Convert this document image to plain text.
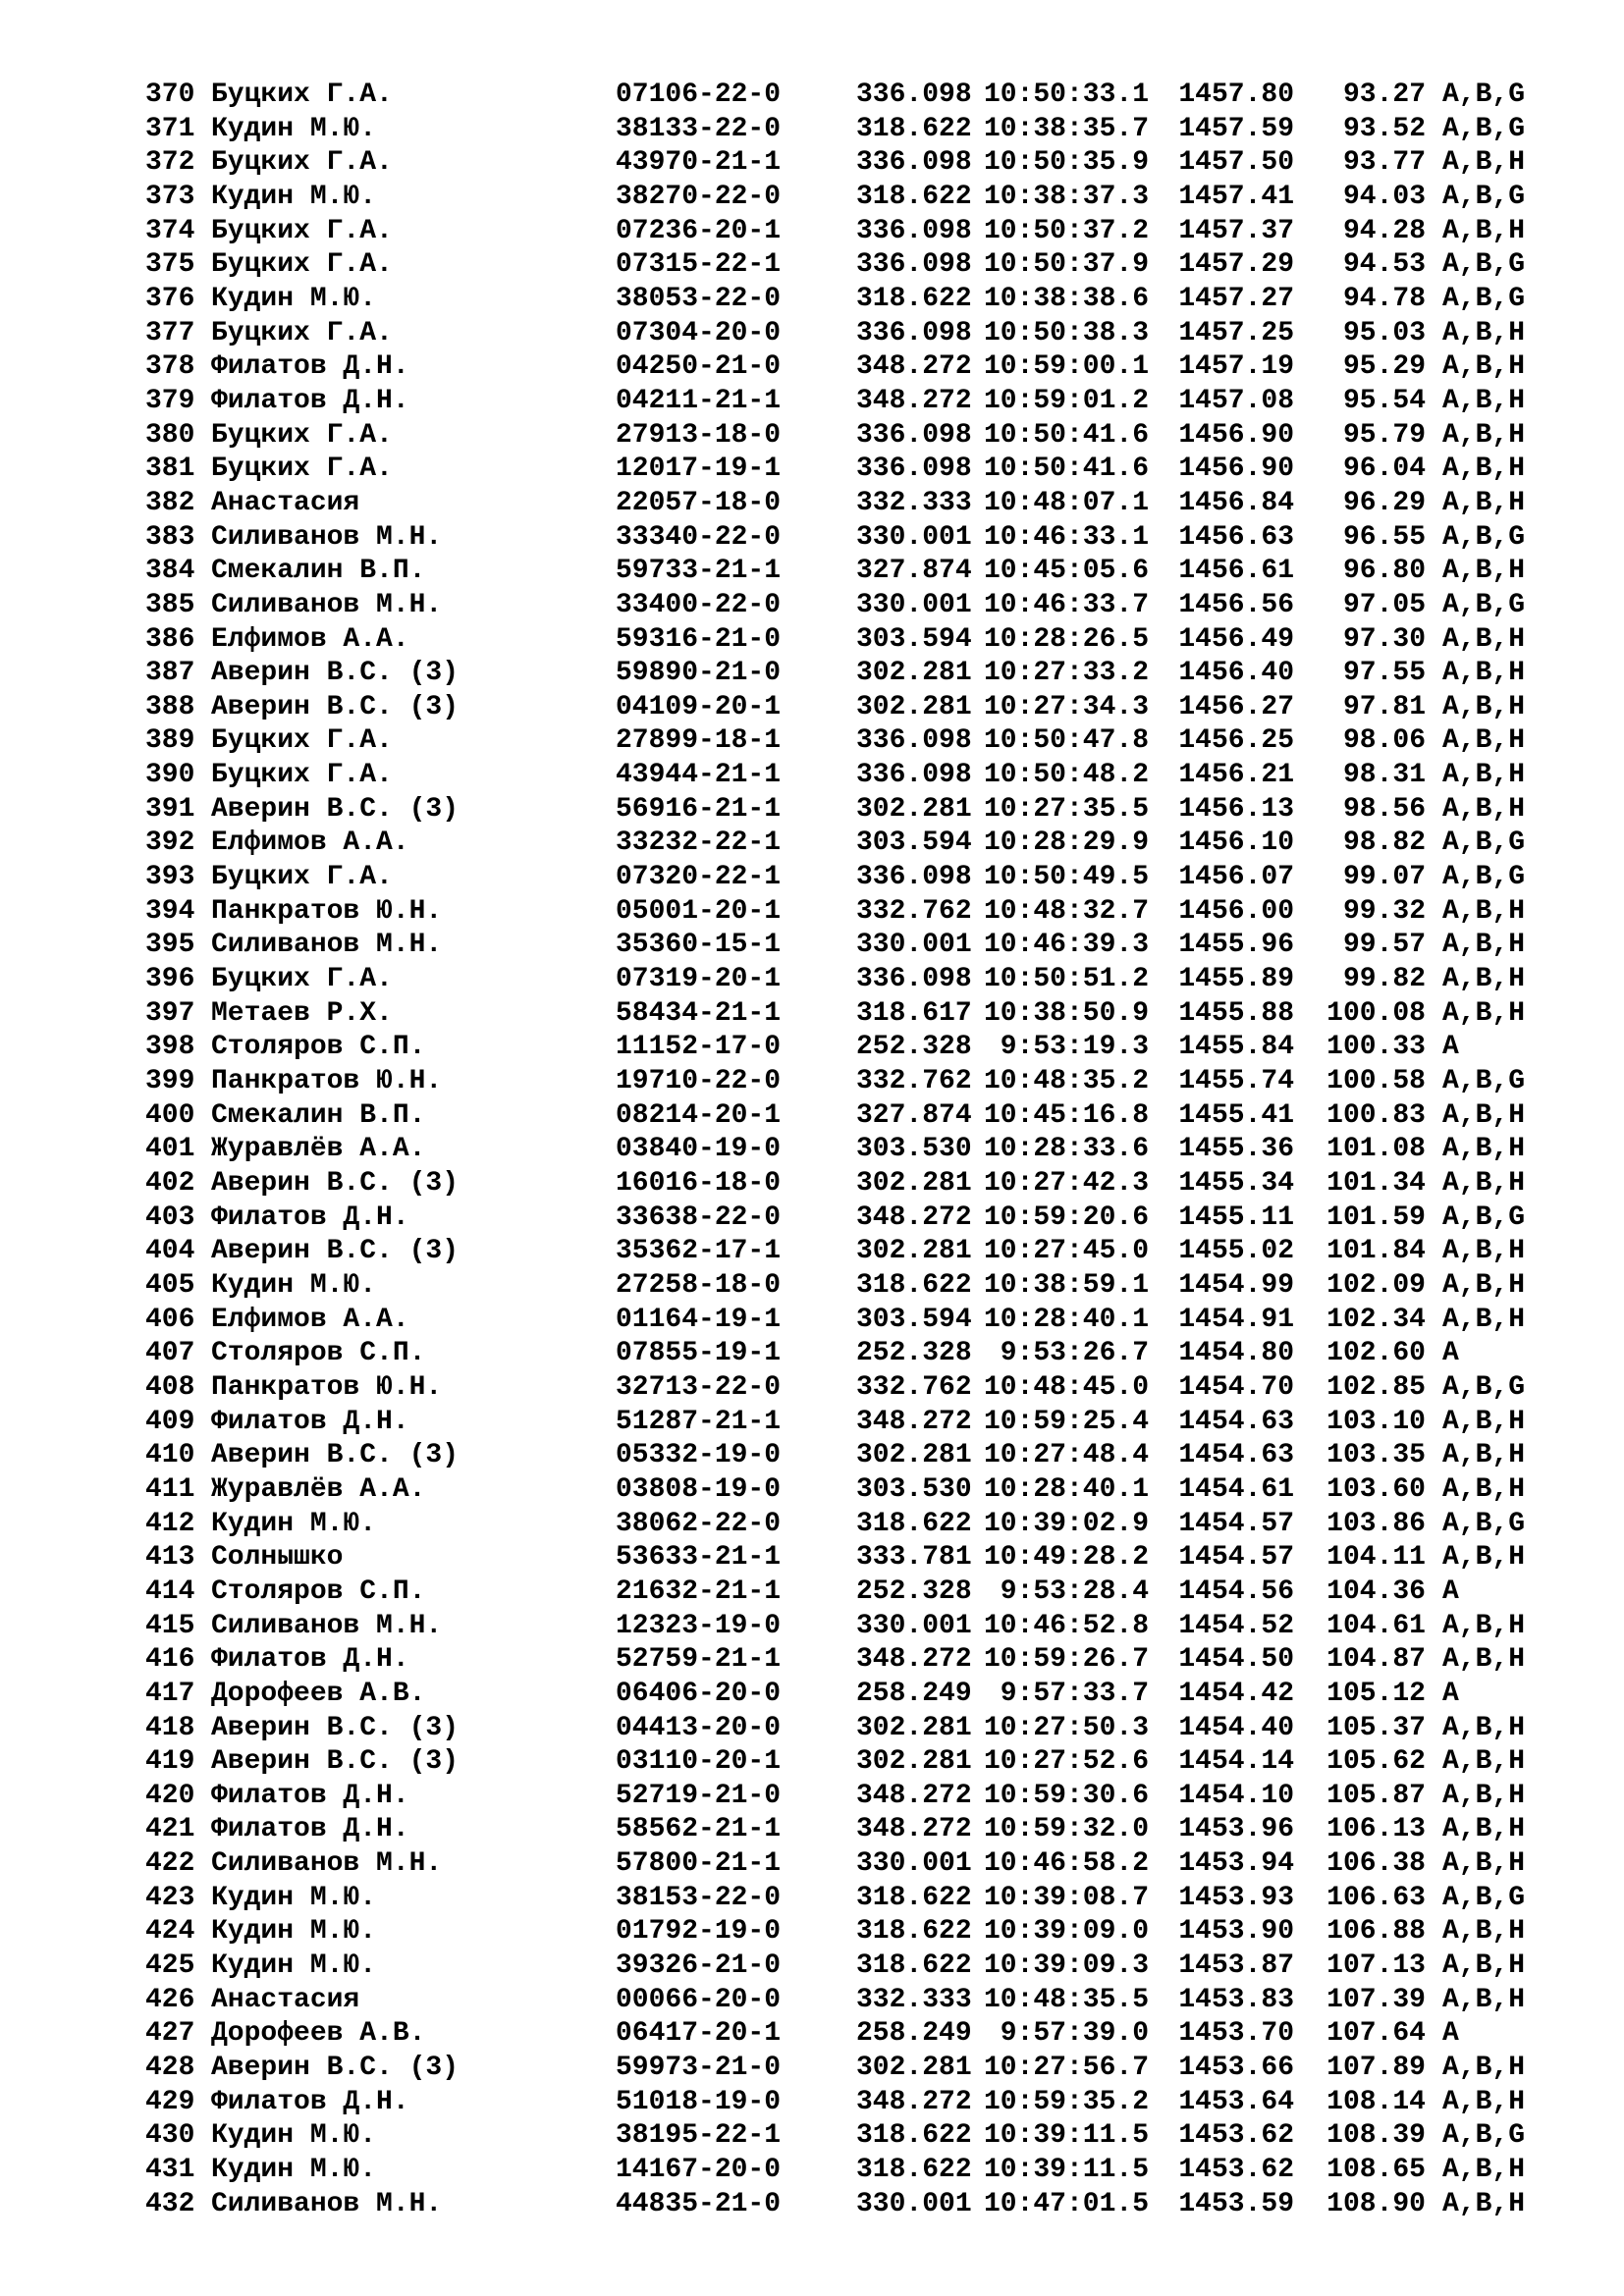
370 Буцких Г.А.	07106-22-0	336.098 10:50:33.1	1457.80	93.27 A,B,G
371 Кудин М.Ю.	38133-22-0	318.622 10:38:35.7	1457.59	93.52 A,B,G
372 Буцких Г.А.	43970-21-1	336.098 10:50:35.9	1457.50	93.77 A,B,H
373 Кудин М.Ю.	38270-22-0	318.622 10:38:37.3	1457.41	94.03 A,B,G
374 Буцких Г.А.	07236-20-1	336.098 10:50:37.2	1457.37	94.28 A,B,H
375 Буцких Г.А.	07315-22-1	336.098 10:50:37.9	1457.29	94.53 A,B,G
376 Кудин М.Ю.	38053-22-0	318.622 10:38:38.6	1457.27	94.78 A,B,G
377 Буцких Г.А.	07304-20-0	336.098 10:50:38.3	1457.25	95.03 A,B,H
378 Филатов Д.Н.	04250-21-0	348.272 10:59:00.1	1457.19	95.29 A,B,H
379 Филатов Д.Н.	04211-21-1	348.272 10:59:01.2	1457.08	95.54 A,B,H
380 Буцких Г.А.	27913-18-0	336.098 10:50:41.6	1456.90	95.79 A,B,H
381 Буцких Г.А.	12017-19-1	336.098 10:50:41.6	1456.90	96.04 A,B,H
382 Анастасия	22057-18-0	332.333 10:48:07.1	1456.84	96.29 A,B,H
383 Силиванов М.Н.	33340-22-0	330.001 10:46:33.1	1456.63	96.55 A,B,G
384 Смекалин В.П.	59733-21-1	327.874 10:45:05.6	1456.61	96.80 A,B,H
385 Силиванов М.Н.	33400-22-0	330.001 10:46:33.7	1456.56	97.05 A,B,G
386 Елфимов А.А.	59316-21-0	303.594 10:28:26.5	1456.49	97.30 A,B,H
387 Аверин В.С. (3)	59890-21-0	302.281 10:27:33.2	1456.40	97.55 A,B,H
388 Аверин В.С. (3)	04109-20-1	302.281 10:27:34.3	1456.27	97.81 A,B,H
389 Буцких Г.А.	27899-18-1	336.098 10:50:47.8	1456.25	98.06 A,B,H
390 Буцких Г.А.	43944-21-1	336.098 10:50:48.2	1456.21	98.31 A,B,H
391 Аверин В.С. (3)	56916-21-1	302.281 10:27:35.5	1456.13	98.56 A,B,H
392 Елфимов А.А.	33232-22-1	303.594 10:28:29.9	1456.10	98.82 A,B,G
393 Буцких Г.А.	07320-22-1	336.098 10:50:49.5	1456.07	99.07 A,B,G
394 Панкратов Ю.Н.	05001-20-1	332.762 10:48:32.7	1456.00	99.32 A,B,H
395 Силиванов М.Н.	35360-15-1	330.001 10:46:39.3	1455.96	99.57 A,B,H
396 Буцких Г.А.	07319-20-1	336.098 10:50:51.2	1455.89	99.82 A,B,H
397 Метаев Р.Х.	58434-21-1	318.617 10:38:50.9	1455.88	100.08 A,B,H
398 Столяров С.П.	11152-17-0	252.328	9:53:19.3	1455.84	100.33 A
399 Панкратов Ю.Н.	19710-22-0	332.762 10:48:35.2	1455.74	100.58 A,B,G
400 Смекалин В.П.	08214-20-1	327.874 10:45:16.8	1455.41	100.83 A,B,H
401 Журавлёв А.А.	03840-19-0	303.530 10:28:33.6	1455.36	101.08 A,B,H
402 Аверин В.С. (3)	16016-18-0	302.281 10:27:42.3	1455.34	101.34 A,B,H
403 Филатов Д.Н.	33638-22-0	348.272 10:59:20.6	1455.11	101.59 A,B,G
404 Аверин В.С. (3)	35362-17-1	302.281 10:27:45.0	1455.02	101.84 A,B,H
405 Кудин М.Ю.	27258-18-0	318.622 10:38:59.1	1454.99	102.09 A,B,H
406 Елфимов А.А.	01164-19-1	303.594 10:28:40.1	1454.91	102.34 A,B,H
407 Столяров С.П.	07855-19-1	252.328	9:53:26.7	1454.80	102.60 A
408 Панкратов Ю.Н.	32713-22-0	332.762 10:48:45.0	1454.70	102.85 A,B,G
409 Филатов Д.Н.	51287-21-1	348.272 10:59:25.4	1454.63	103.10 A,B,H
410 Аверин В.С. (3)	05332-19-0	302.281 10:27:48.4	1454.63	103.35 A,B,H
411 Журавлёв А.А.	03808-19-0	303.530 10:28:40.1	1454.61	103.60 A,B,H
412 Кудин М.Ю.	38062-22-0	318.622 10:39:02.9	1454.57	103.86 A,B,G
413 Солнышко	53633-21-1	333.781 10:49:28.2	1454.57	104.11 A,B,H
414 Столяров С.П.	21632-21-1	252.328	9:53:28.4	1454.56	104.36 A
415 Силиванов М.Н.	12323-19-0	330.001 10:46:52.8	1454.52	104.61 A,B,H
416 Филатов Д.Н.	52759-21-1	348.272 10:59:26.7	1454.50	104.87 A,B,H
417 Дорофеев А.В.	06406-20-0	258.249	9:57:33.7	1454.42	105.12 A
418 Аверин В.С. (3)	04413-20-0	302.281 10:27:50.3	1454.40	105.37 A,B,H
419 Аверин В.С. (3)	03110-20-1	302.281 10:27:52.6	1454.14	105.62 A,B,H
420 Филатов Д.Н.	52719-21-0	348.272 10:59:30.6	1454.10	105.87 A,B,H
421 Филатов Д.Н.	58562-21-1	348.272 10:59:32.0	1453.96	106.13 A,B,H
422 Силиванов М.Н.	57800-21-1	330.001 10:46:58.2	1453.94	106.38 A,B,H
423 Кудин М.Ю.	38153-22-0	318.622 10:39:08.7	1453.93	106.63 A,B,G
424 Кудин М.Ю.	01792-19-0	318.622 10:39:09.0	1453.90	106.88 A,B,H
425 Кудин М.Ю.	39326-21-0	318.622 10:39:09.3	1453.87	107.13 A,B,H
426 Анастасия	00066-20-0	332.333 10:48:35.5	1453.83	107.39 A,B,H
427 Дорофеев А.В.	06417-20-1	258.249	9:57:39.0	1453.70	107.64 A
428 Аверин В.С. (3)	59973-21-0	302.281 10:27:56.7	1453.66	107.89 A,B,H
429 Филатов Д.Н.	51018-19-0	348.272 10:59:35.2	1453.64	108.14 A,B,H
430 Кудин М.Ю.	38195-22-1	318.622 10:39:11.5	1453.62	108.39 A,B,G
431 Кудин М.Ю.	14167-20-0	318.622 10:39:11.5	1453.62	108.65 A,B,H
432 Силиванов М.Н.	44835-21-0	330.001 10:47:01.5	1453.59	108.90 A,B,H
